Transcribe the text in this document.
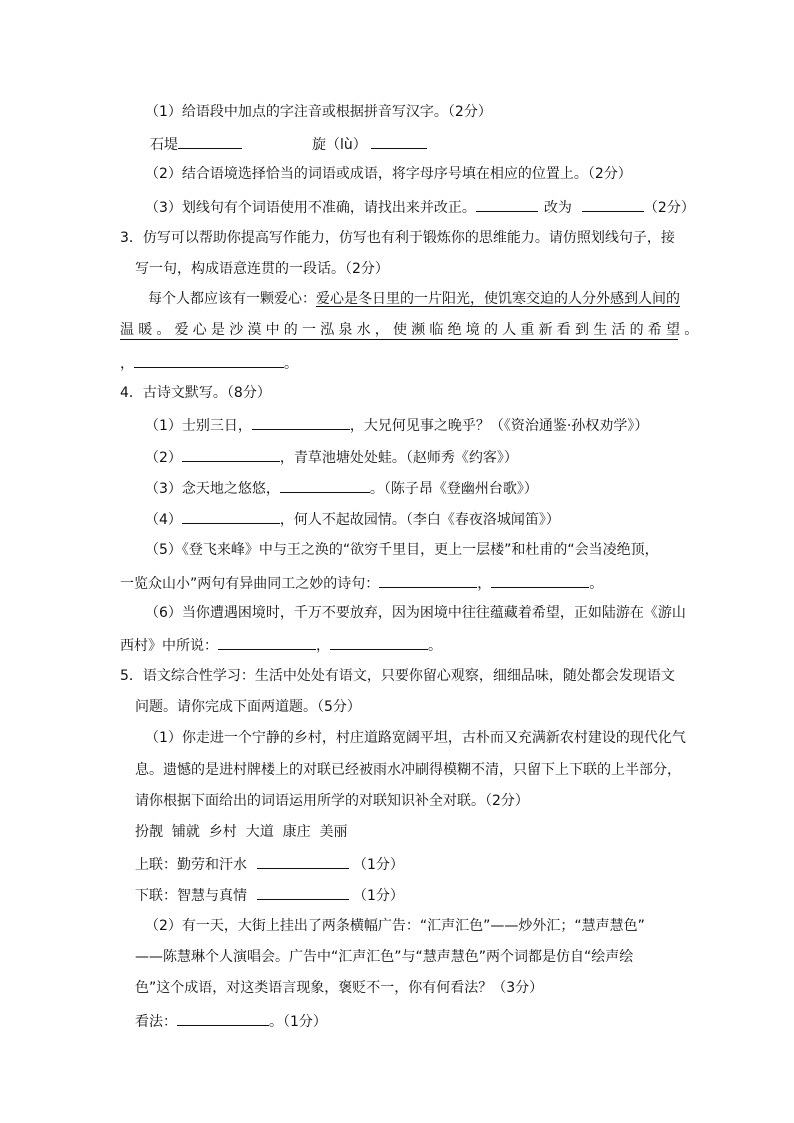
（1）给语段中加点的字注音或根据拼音写汉字。（2分）
石堤	旋（lù）
（2）结合语境选择恰当的词语或成语，将字母序号填在相应的位置上。（2分）
（3）划线句有个词语使用不准确，请找出来并改正。	改为	（2分）
3．仿写可以帮助你提高写作能力，仿写也有利于锻炼你的思维能力。请仿照划线句子，接
写一句，构成语意连贯的一段话。（2分）
每个人都应该有一颗爱心：爱心是冬日里的一片阳光，使饥寒交迫的人分外感到人间的
温暖。爱心是沙漠中的一泓泉水，使濒临绝境的人重新看到生活的希望。
，	。
4．古诗文默写。（8分）
（1）士别三日，	，大兄何见事之晚乎？（《资治通鉴·孙权劝学》）
（2）	，青草池塘处处蛙。（赵师秀《约客》）
（3）念天地之悠悠，	。（陈子昂《登幽州台歌》）
（4）	，何人不起故园情。（李白《春夜洛城闻笛》）
（5）《登飞来峰》中与王之涣的“欲穷千里目，更上一层楼”和杜甫的“会当凌绝顶，
一览众山小”两句有异曲同工之妙的诗句：	，	。
（6）当你遭遇困境时，千万不要放弃，因为困境中往往蕴藏着希望，正如陆游在《游山
西村》中所说：	，	。
5．语文综合性学习：生活中处处有语文，只要你留心观察，细细品味，随处都会发现语文
问题。请你完成下面两道题。（5分）
（1）你走进一个宁静的乡村，村庄道路宽阔平坦，古朴而又充满新农村建设的现代化气
息。遗憾的是进村牌楼上的对联已经被雨水冲刷得模糊不清，只留下上下联的上半部分，
请你根据下面给出的词语运用所学的对联知识补全对联。（2分）
扮靓  铺就  乡村  大道  康庄  美丽
上联：勤劳和汗水	（1分）
下联：智慧与真情	（1分）
（2）有一天，大街上挂出了两条横幅广告：“汇声汇色”——炒外汇；“慧声慧色”
——陈慧琳个人演唱会。广告中“汇声汇色”与“慧声慧色”两个词都是仿自“绘声绘
色”这个成语，对这类语言现象，褒贬不一，你有何看法？（3分）
看法：	。（1分）
